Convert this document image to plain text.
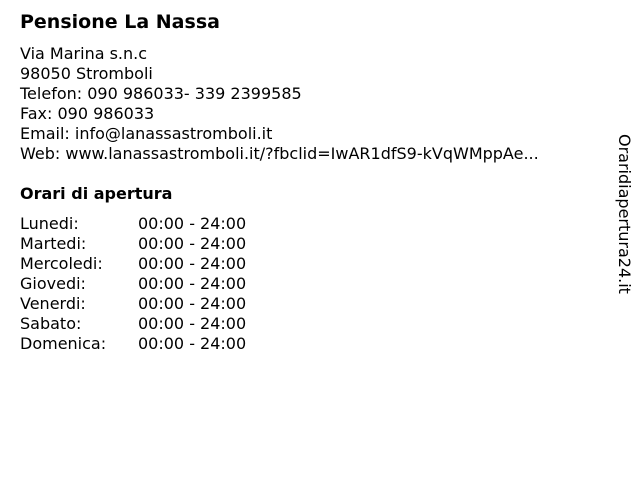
Pensione La Nassa
Via Marina s.n.c
98050 Stromboli
Telefon: 090 986033- 339 2399585
Fax: 090 986033
Email: info@lanassastromboli.it
Web: www.lanassastromboli.it/?fbclid=IwAR1dfS9-kVqWMppAe...
Orari di apertura
Lunedi:	00:00 - 24:00
Martedi:	00:00 - 24:00
Mercoledi: 00:00 - 24:00
Giovedi:	00:00 - 24:00
Venerdi:	00:00 - 24:00
Sabato:	00:00 - 24:00
Domenica: 00:00 - 24:00
Oraridiapertura24.it
